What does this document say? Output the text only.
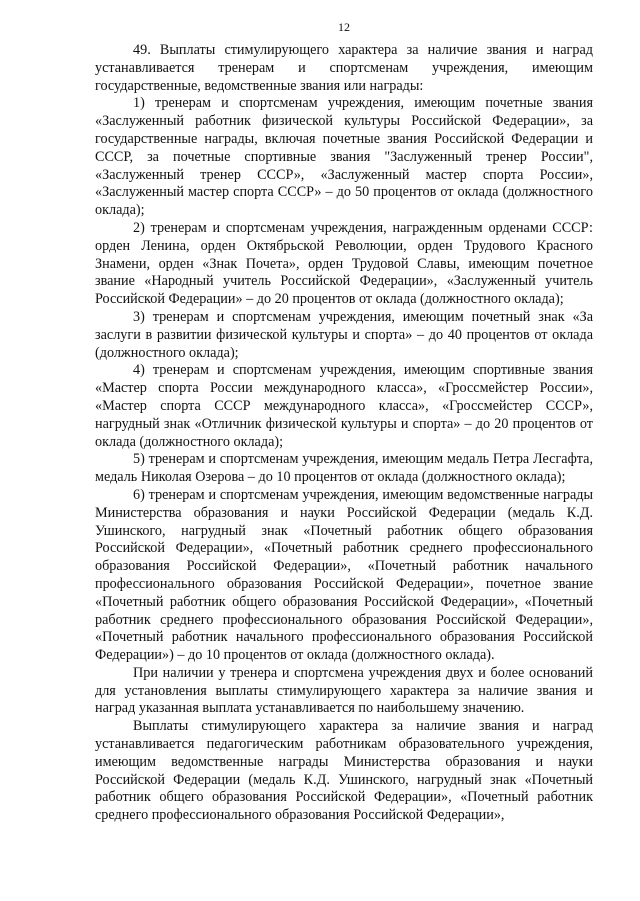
12

49. Выплаты стимулирующего характера за наличие звания и наград устанавливается тренерам и спортсменам учреждения, имеющим государственные, ведомственные звания или награды:

1) тренерам и спортсменам учреждения, имеющим почетные звания «Заслуженный работник физической культуры Российской Федерации», за государственные награды, включая почетные звания Российской Федерации и СССР, за почетные спортивные звания "Заслуженный тренер России", «Заслуженный тренер СССР», «Заслуженный мастер спорта России», «Заслуженный мастер спорта СССР» – до 50 процентов от оклада (должностного оклада);

2) тренерам и спортсменам учреждения, награжденным орденами СССР: орден Ленина, орден Октябрьской Революции, орден Трудового Красного Знамени, орден «Знак Почета», орден Трудовой Славы, имеющим почетное звание «Народный учитель Российской Федерации», «Заслуженный учитель Российской Федерации» – до 20 процентов от оклада (должностного оклада);

3) тренерам и спортсменам учреждения, имеющим почетный знак «За заслуги в развитии физической культуры и спорта» – до 40 процентов от оклада (должностного оклада);

4) тренерам и спортсменам учреждения, имеющим спортивные звания «Мастер спорта России международного класса», «Гроссмейстер России», «Мастер спорта СССР международного класса», «Гроссмейстер СССР», нагрудный знак «Отличник физической культуры и спорта» – до 20 процентов от оклада (должностного оклада);

5) тренерам и спортсменам учреждения, имеющим медаль Петра Лесгафта, медаль Николая Озерова – до 10 процентов от оклада (должностного оклада);

6) тренерам и спортсменам учреждения, имеющим ведомственные награды Министерства образования и науки Российской Федерации (медаль К.Д. Ушинского, нагрудный знак «Почетный работник общего образования Российской Федерации», «Почетный работник среднего профессионального образования Российской Федерации», «Почетный работник начального профессионального образования Российской Федерации», почетное звание «Почетный работник общего образования Российской Федерации», «Почетный работник среднего профессионального образования Российской Федерации», «Почетный работник начального профессионального образования Российской Федерации») – до 10 процентов от оклада (должностного оклада).

При наличии у тренера и спортсмена учреждения двух и более оснований для установления выплаты стимулирующего характера за наличие звания и наград указанная выплата устанавливается по наибольшему значению.

Выплаты стимулирующего характера за наличие звания и наград устанавливается педагогическим работникам образовательного учреждения, имеющим ведомственные награды Министерства образования и науки Российской Федерации (медаль К.Д. Ушинского, нагрудный знак «Почетный работник общего образования Российской Федерации», «Почетный работник среднего профессионального образования Российской Федерации»,
